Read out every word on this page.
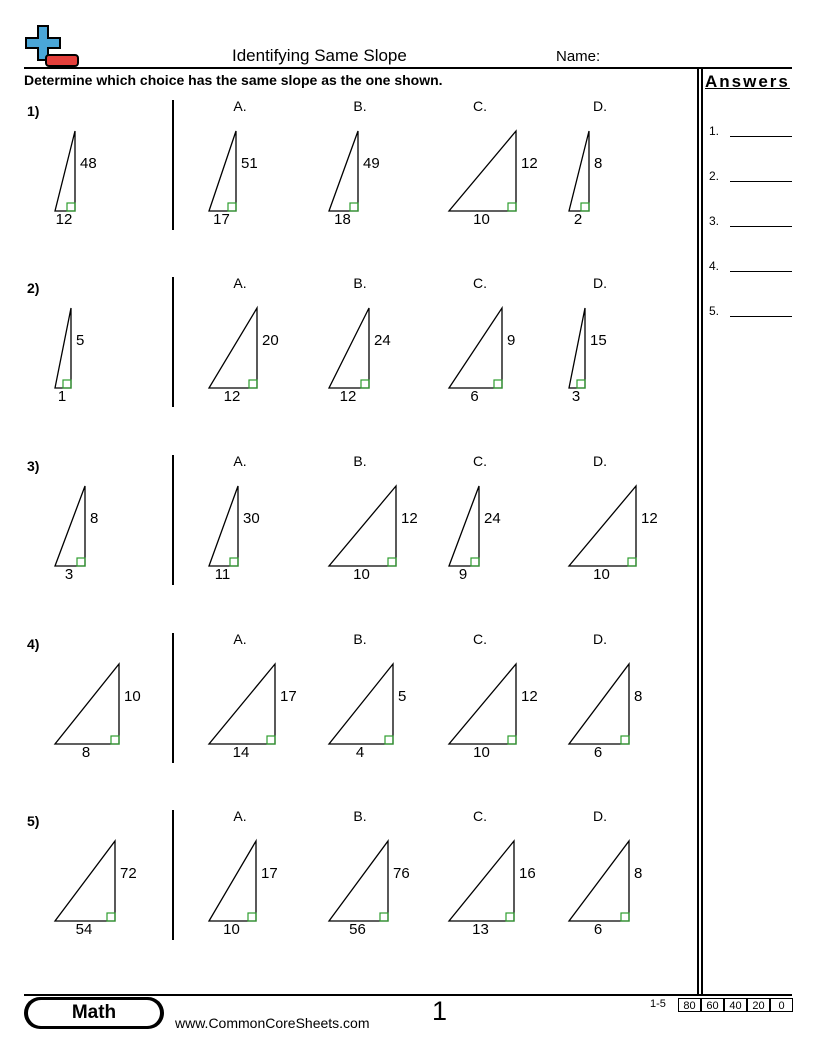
Identifying Same Slope	Name:
Determine which choice has the same slope as the one shown.	Answers
1.
2.
3.
4.
5.
1)
48
12
A.
51
17
B.
49
18
C.
12
10
D.
8
2
2)
5
1
A.
20
12
B.
24
12
C.
9
6
D.
15
3
3)
8
3
A.
30
11
B.
12
10
C.
24
9
D.
12
10
4)
10
8
A.
17
14
B.
5
4
C.
12
10
D.
8
6
5)
72
54
A.
17
10
B.
76
56
C.
16
13
D.
8
6
Math	www.CommonCoreSheets.com 1	1-5	80 60 40 20	0
